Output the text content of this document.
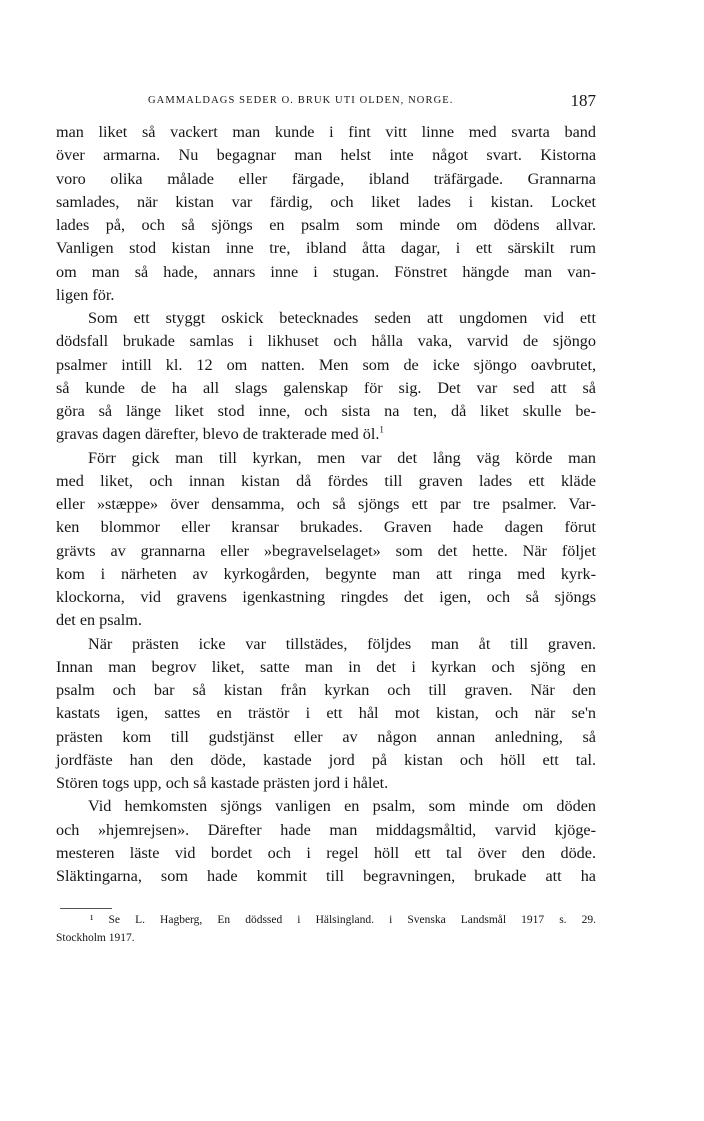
GAMMALDAGS SEDER O. BRUK UTI OLDEN, NORGE.	187
man liket så vackert man kunde i fint vitt linne med svarta band
över armarna. Nu begagnar man helst inte något svart. Kistorna
voro olika målade eller färgade, ibland träfärgade. Grannarna
samlades, när kistan var färdig, och liket lades i kistan. Locket
lades på, och så sjöngs en psalm som minde om dödens allvar.
Vanligen stod kistan inne tre, ibland åtta dagar, i ett särskilt rum
om man så hade, annars inne i stugan. Fönstret hängde man van-
ligen för.
Som ett styggt oskick betecknades seden att ungdomen vid ett
dödsfall brukade samlas i likhuset och hålla vaka, varvid de sjöngo
psalmer intill kl. 12 om natten. Men som de icke sjöngo oavbrutet,
så kunde de ha all slags galenskap för sig. Det var sed att så
göra så länge liket stod inne, och sista na ten, då liket skulle be-
gravas dagen därefter, blevo de trakterade med öl.$^1$
Förr gick man till kyrkan, men var det lång väg körde man
med liket, och innan kistan då fördes till graven lades ett kläde
eller »stæppe» över densamma, och så sjöngs ett par tre psalmer. Var-
ken blommor eller kransar brukades. Graven hade dagen förut
grävts av grannarna eller »begravelselaget» som det hette. När följet
kom i närheten av kyrkogården, begynte man att ringa med kyrk-
klockorna, vid gravens igenkastning ringdes det igen, och så sjöngs
det en psalm.
När prästen icke var tillstädes, följdes man åt till graven.
Innan man begrov liket, satte man in det i kyrkan och sjöng en
psalm och bar så kistan från kyrkan och till graven. När den
kastats igen, sattes en trästör i ett hål mot kistan, och när se'n
prästen kom till gudstjänst eller av någon annan anledning, så
jordfäste han den döde, kastade jord på kistan och höll ett tal.
Stören togs upp, och så kastade prästen jord i hålet.
Vid hemkomsten sjöngs vanligen en psalm, som minde om döden
och »hjemrejsen». Därefter hade man middagsmåltid, varvid kjöge-
mesteren läste vid bordet och i regel höll ett tal över den döde.
Släktingarna, som hade kommit till begravningen, brukade att ha
¹ Se L. Hagberg, En dödssed i Hälsingland. i Svenska Landsmål 1917 s. 29.
Stockholm 1917.
